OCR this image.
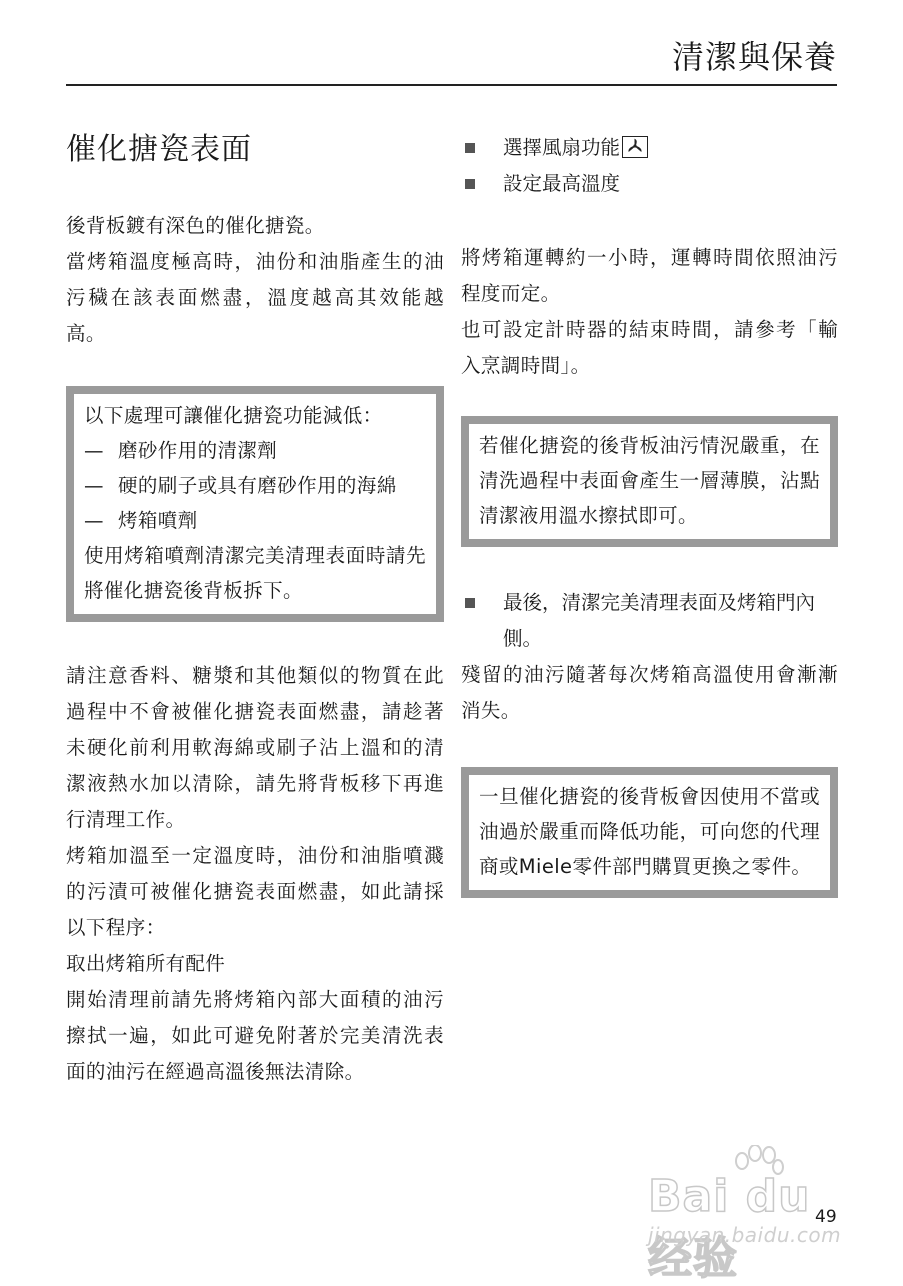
清潔與保養
催化搪瓷表面

後背板鍍有深色的催化搪瓷。

當烤箱溫度極高時，油份和油脂產生的油污穢在該表面燃盡，溫度越高其效能越高。

以下處理可讓催化搪瓷功能減低：

— 磨砂作用的清潔劑

— 硬的刷子或具有磨砂作用的海綿

— 烤箱噴劑

使用烤箱噴劑清潔完美清理表面時請先將催化搪瓷後背板拆下。

請注意香料、糖漿和其他類似的物質在此過程中不會被催化搪瓷表面燃盡，請趁著未硬化前利用軟海綿或刷子沾上溫和的清潔液熱水加以清除，請先將背板移下再進行清理工作。

烤箱加溫至一定溫度時，油份和油脂噴濺的污漬可被催化搪瓷表面燃盡，如此請採以下程序：

取出烤箱所有配件

開始清理前請先將烤箱內部大面積的油污擦拭一遍，如此可避免附著於完美清洗表面的油污在經過高溫後無法清除。

選擇風扇功能
設定最高溫度

將烤箱運轉約一小時，運轉時間依照油污程度而定。

也可設定計時器的結束時間，請參考「輸入烹調時間」。

若催化搪瓷的後背板油污情況嚴重，在清洗過程中表面會產生一層薄膜，沾點清潔液用溫水擦拭即可。

最後，清潔完美清理表面及烤箱門內側。

殘留的油污隨著每次烤箱高溫使用會漸漸消失。

一旦催化搪瓷的後背板會因使用不當或油過於嚴重而降低功能，可向您的代理商或Miele零件部門購買更換之零件。

Bai du 经验
jingyan.baidu.com
49
